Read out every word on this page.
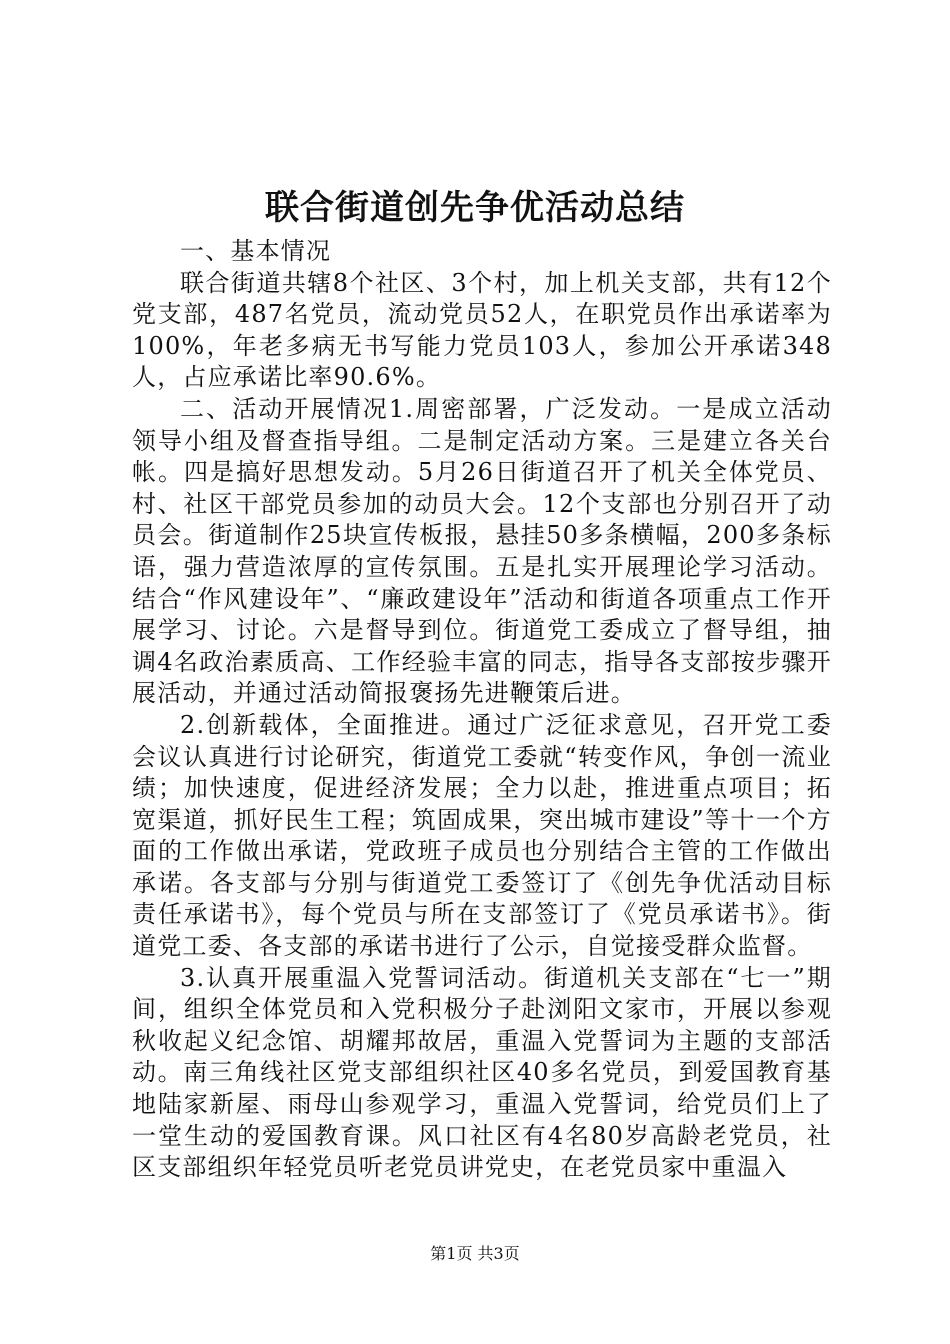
联合街道创先争优活动总结

一、基本情况

联合街道共辖8个社区、3个村，加上机关支部，共有12个党支部，487名党员，流动党员52人，在职党员作出承诺率为100%，年老多病无书写能力党员103人，参加公开承诺348人，占应承诺比率90.6%。

二、活动开展情况1.周密部署，广泛发动。一是成立活动领导小组及督查指导组。二是制定活动方案。三是建立各关台帐。四是搞好思想发动。5月26日街道召开了机关全体党员、村、社区干部党员参加的动员大会。12个支部也分别召开了动员会。街道制作25块宣传板报，悬挂50多条横幅，200多条标语，强力营造浓厚的宣传氛围。五是扎实开展理论学习活动。结合“作风建设年”、“廉政建设年”活动和街道各项重点工作开展学习、讨论。六是督导到位。街道党工委成立了督导组，抽调4名政治素质高、工作经验丰富的同志，指导各支部按步骤开展活动，并通过活动简报褒扬先进鞭策后进。

2.创新载体，全面推进。通过广泛征求意见，召开党工委会议认真进行讨论研究，街道党工委就“转变作风，争创一流业绩；加快速度，促进经济发展；全力以赴，推进重点项目；拓宽渠道，抓好民生工程；筑固成果，突出城市建设”等十一个方面的工作做出承诺，党政班子成员也分别结合主管的工作做出承诺。各支部与分别与街道党工委签订了《创先争优活动目标责任承诺书》，每个党员与所在支部签订了《党员承诺书》。街道党工委、各支部的承诺书进行了公示，自觉接受群众监督。

3.认真开展重温入党誓词活动。街道机关支部在“七一”期间，组织全体党员和入党积极分子赴浏阳文家市，开展以参观秋收起义纪念馆、胡耀邦故居，重温入党誓词为主题的支部活动。南三角线社区党支部组织社区40多名党员，到爱国教育基地陆家新屋、雨母山参观学习，重温入党誓词，给党员们上了一堂生动的爱国教育课。风口社区有4名80岁高龄老党员，社区支部组织年轻党员听老党员讲党史，在老党员家中重温入

第1页 共3页
